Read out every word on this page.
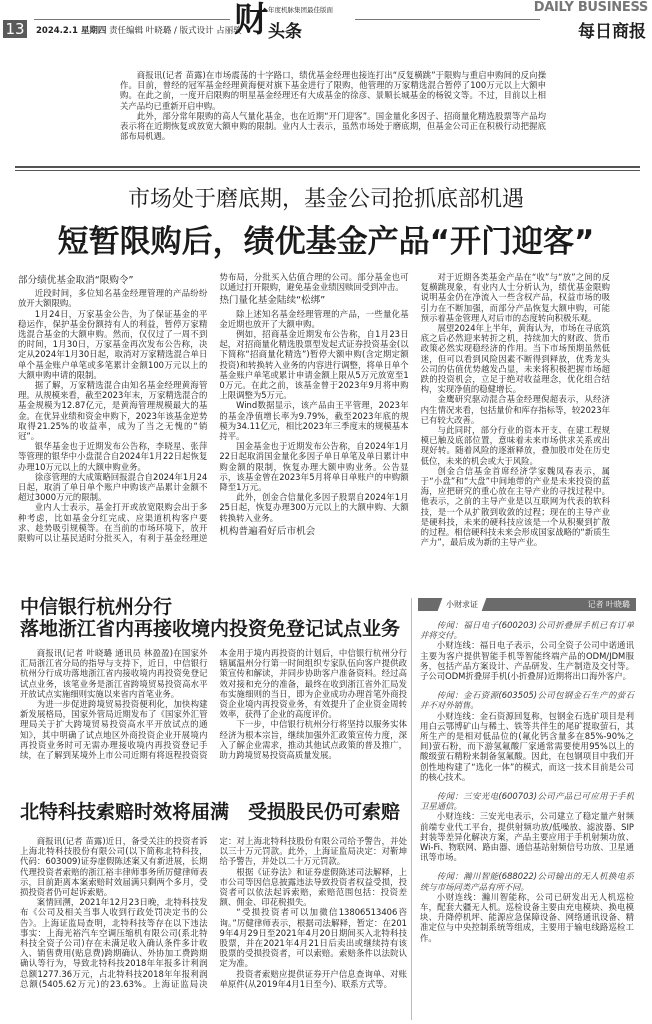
13 2024.2.1 星期四 责任编辑 叶晓璐 / 版式设计 占丽骏
财 年度机脉集团最佳版面
头条
DAILY BUSINESS
每日商报

商报讯(记者 苗露)在市场震荡的十字路口，绩优基金经理也接连打出“反复横跳”于限购与重启申购间的反向操作。目前，曾经的冠军基金经理黄海便对旗下基金进行了限购，他管理的万家精选混合暂停了100万元以上大额申购。在此之前，一度开启限购的明星基金经理还有大成基金的徐彦、景顺长城基金的杨锐文等。不过，目前以上相关产品均已重新开启申购。

此外，部分常年限购的高人气量化基金，也在近期“开门迎客”。国金量化多因子、招商量化精选股票等产品均表示将在近期恢复或放宽大额申购的限制。业内人士表示，虽然市场处于磨底期，但基金公司正在积极行动把握底部布局机遇。

市场处于磨底期，基金公司抢抓底部机遇
短暂限购后，绩优基金产品“开门迎客”
部分绩优基金取消“限购令”

近段时间，多位知名基金经理管理的产品纷纷放开大额限购。

1月24日，万家基金公告，为了保证基金的平稳运作，保护基金份额持有人的利益，暂停万家精选混合基金的大额申购。然而，仅仅过了一周不到的时间，1月30日，万家基金再次发布公告称，决定从2024年1月30日起，取消对万家精选混合单日单个基金账户单笔或多笔累计金额100万元以上的大额申购申请的限制。

据了解，万家精选混合由知名基金经理黄海管理。从规模来看，截至2023年末，万家精选混合的基金规模为12.87亿元，是黄海管理规模最大的基金。在优异业绩和资金申购下，2023年该基金逆势取得21.25%的收益率，成为了当之无愧的“销冠”。

银华基金也于近期发布公告称，李晓星、张萍等管理的银华中小盘混合自2024年1月22日起恢复办理10万元以上的大额申购业务。

徐彦管理的大成策略回报混合自2024年1月24日起，取消了单日单个账户申购该产品累计金额不超过3000万元的限制。

业内人士表示，基金打开或放宽限购会出于多种考虑，比如基金分红完成、应渠道机构客户要求、趁势吸引规模等。在当前的市场环境下，放开限购可以让基民适时分批买入，有利于基金经理逆势布局，分批买入估值合理的公司。部分基金也可以通过打开限购，避免基金业绩因赎回受到冲击。

热门量化基金陆续“松绑”

除上述知名基金经理管理的产品，一些量化基金近期也放开了大额申购。

例如，招商基金近期发布公告称，自1月23日起，对招商量化精选股票型发起式证券投资基金(以下简称“招商量化精选”)暂停大额申购(含定期定额投资)和转换转入业务的内容进行调整，将单日单个基金账户单笔或累计申请金额上限从5万元放宽至10万元。在此之前，该基金曾于2023年9月将申购上限调整为5万元。

Wind数据显示，该产品由王平管理，2023年的基金净值增长率为9.79%，截至2023年底的规模为34.11亿元，相比2023年三季度末的规模基本持平。

国金基金也于近期发布公告称，自2024年1月22日起取消国金量化多因子单日单笔及单日累计申购金额的限制，恢复办理大额申购业务。公告显示，该基金曾在2023年5月将单日单账户的申购额降至1万元。

此外，创金合信量化多因子股票自2024年1月25日起，恢复办理300万元以上的大额申购、大额转换转入业务。

机构普遍看好后市机会

对于近期各类基金产品在“收”与“放”之间的反复横跳现象，有业内人士分析认为，绩优基金限购说明基金仍在净流入一些含权产品，权益市场的吸引力在不断加强，而部分产品恢复大额申购，可能预示着基金管理人对后市的态度转向积极乐观。

展望2024年上半年，黄海认为，市场在寻底筑底之后必然迎来转折之机，持续加大的财政、货币政策必然实现稳经济的作用。当下市场预期虽然低迷，但可以看到风险因素不断得到释放，优秀龙头公司的估值优势越发凸显，未来将积极把握市场超跌的投资机会，立足于绝对收益理念，优化组合结构，实现净值的稳健增长。

金鹰研究驱动混合基金经理倪超表示，从经济内生情况来看，包括量价和库存指标等，较2023年已有较大改善。

与此同时，部分行业的资本开支、在建工程规模已触及底部位置，意味着未来市场供求关系或出现好转。随着风险的逐渐释放，叠加股市处在历史低位，未来的机会或大于风险。

创金合信基金首席经济学家魏凤春表示，属于“小盘”和“大盘”中间地带的产业是未来投资的蓝海，应把研究的重心放在主导产业的寻找过程中。他表示，之前的主导产业是以互联网为代表的软科技，是一个从扩散到收敛的过程；现在的主导产业是硬科技，未来的硬科技应该是一个从积聚到扩散的过程。相信硬科技未来会形成国家战略的“新质生产力”，最后成为新的主导产业。

中信银行杭州分行
落地浙江省内再接收境内投资免登记试点业务

商报讯(记者 叶晓璐 通讯员 林盈盈)在国家外汇局浙江省分局的指导与支持下，近日，中信银行杭州分行成功落地浙江省内接收境内再投资免登记试点业务，该笔业务是浙江省跨境贸易投资高水平开放试点实施细则实施以来省内首笔业务。

为进一步促进跨境贸易投资便利化，加快构建新发展格局，国家外管局近期发布了《国家外汇管理局关于扩大跨境贸易投资高水平开放试点的通知》，其中明确了试点地区外商投资企业开展境内再投资业务时可无需办理接收境内再投资登记手续，在了解到某境外上市公司近期有将返程投资资本金用于境内再投资的计划后，中信银行杭州分行辖属温州分行第一时间组织专家队伍向客户提供政策宣传和解读，并同步协助客户准备资料。经过高效对接和充分的准备，最终在收到浙江省外汇局发布实施细则的当日，即为企业成功办理首笔外商投资企业境内再投资业务，有效提升了企业资金周转效率，获得了企业的高度评价。

下一步，中信银行杭州分行将坚持以服务实体经济为根本宗旨，继续加强外汇政策宣传力度，深入了解企业需求，推动其他试点政策的普及推广，助力跨境贸易投资高质量发展。

北特科技索赔时效将届满　受损股民仍可索赔

商报讯(记者 苗露)近日，备受关注的投资者诉上海北特科技股份有限公司(以下简称北特科技，代码：603009)证券虚假陈述案又有新进展，长期代理投资者索赔的浙江裕丰律师事务所厉健律师表示，目前距离本案索赔时效届满只剩两个多月，受损投资者仍可起诉索赔。

案情回溯，2021年12月23日晚，北特科技发布《公司及相关当事人收到行政处罚决定书的公告》。上海证监局查明，北特科技等存在以下违法事实：上海光裕汽车空调压缩机有限公司(系北特科技全资子公司)存在未满足收入确认条件多计收入、销售费用(贴息费)跨期确认、外协加工费跨期确认等行为，导致北特科技2018年年报多计利润总额1277.36万元，占北特科技2018年年报利润总额(5405.62万元)的23.63%。上海证监局决定：对上海北特科技股份有限公司给予警告，并处以三十万元罚款。此外，上海证监局决定：对靳坤给予警告，并处以二十万元罚款。

根据《证券法》和证券虚假陈述司法解释，上市公司等因信息披露违法导致投资者权益受损，投资者可以依法起诉索赔，索赔范围包括：投资差额、佣金、印花税损失。

“受损投资者可以加微信13806513406咨询。”厉健律师表示，根据司法解释，暂定：在2019年4月29日至2021年4月20日期间买入北特科技股票，并在2021年4月21日后卖出或继续持有该股票的受损投资者，可以索赔。索赔条件以法院认定为准。

投资者索赔应提供证券开户信息查询单、对账单原件(从2019年4月1日至今)、联系方式等。

小财求证	记者 叶晓璐

传闻：福日电子(600203)公司折叠屏手机已有订单并将交付。

小财连线：福日电子表示，公司全资子公司中诺通讯主要为客户提供智能手机等智能终端产品的ODM/JDM服务，包括产品方案设计、产品研发、生产制造及交付等。子公司ODM折叠屏手机(小折叠屏)近期将出口海外客户。

传闻：金石资源(603505)公司包钢金石生产的萤石并不对外销售。

小财连线：金石资源回复称，包钢金石选矿项目是利用白云鄂博矿山与稀土、铁等共伴生的尾矿提取萤石，其所生产的是相对低品位的(氟化钙含量多在85%-90%之间)萤石粉，而下游氢氟酸厂家通常需要使用95%以上的酸级萤石精粉来制备氢氟酸。因此，在包钢项目中我们开创性地构建了“选化一体”的模式，而这一技术目前是公司的核心技术。

传闻：三安光电(600703)公司产品已可应用于手机卫星通信。

小财连线：三安光电表示，公司建立了稳定量产射频前端专业代工平台，提供射频功放/低噪放、滤波器、SIP封装等差异化解决方案，产品主要应用于手机射频功放、Wi-Fi、物联网、路由器、通信基站射频信号功放、卫星通讯等市场。

传闻：瀚川智能(688022)公司输出的无人机换电系统与市场同类产品有所不同。

小财连线：瀚川智能称，公司已研发出无人机巡检车，配套大疆无人机。巡检设备主要由充电模块、换电模块、升降停机坪、能源应急保障设备、网络通讯设备、精准定位与中央控制系统等组成，主要用于输电线路巡检工作。
